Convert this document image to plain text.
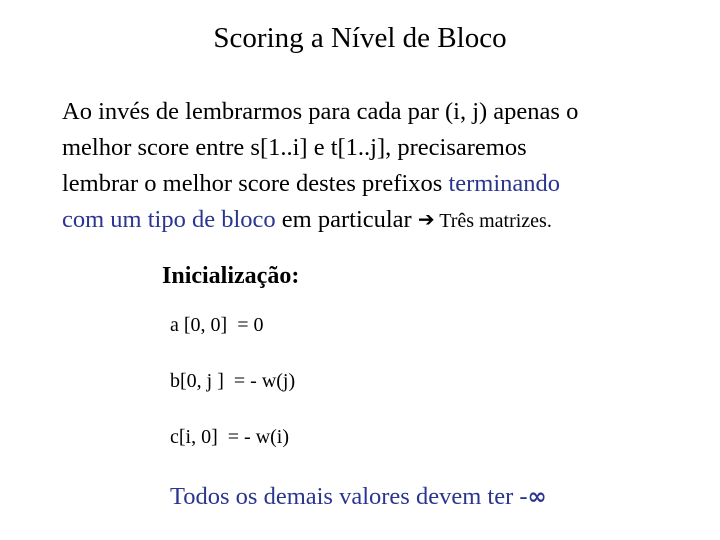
Scoring a Nível de Bloco
Ao invés de lembrarmos para cada par (i, j) apenas o
melhor score entre s[1..i] e t[1..j], precisaremos
lembrar o melhor score destes prefixos terminando
com um tipo de bloco em particular ➔ Três matrizes.
Inicialização:
a [0, 0]  = 0
b[0, j ]  = - w(j)
c[i, 0]  = - w(i)
Todos os demais valores devem ter -∞
